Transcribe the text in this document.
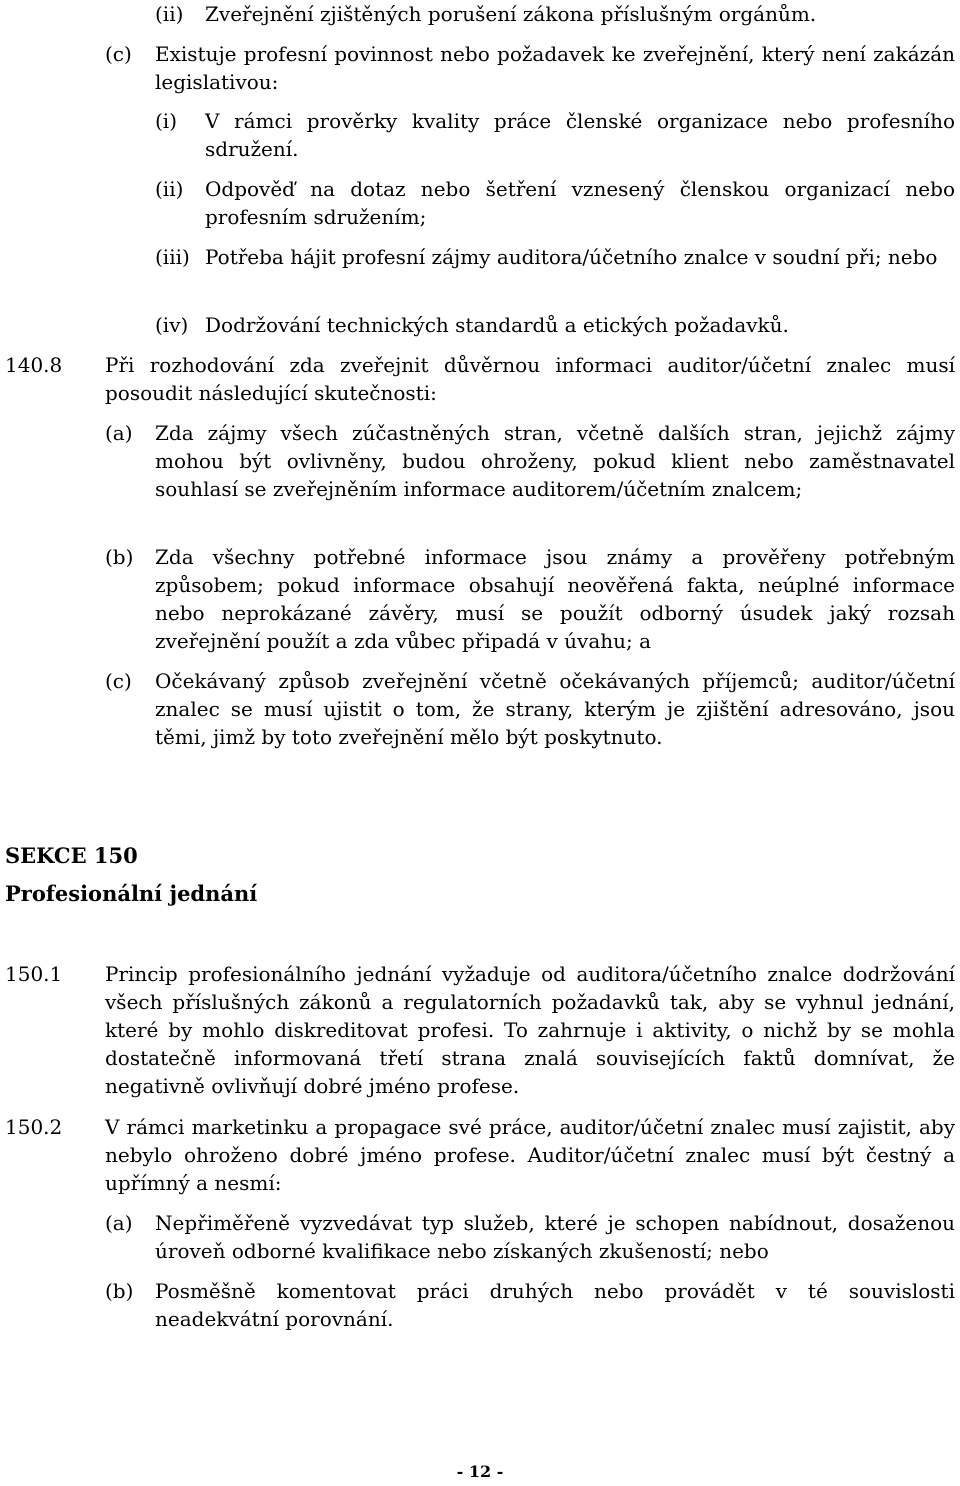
(ii)	Zveřejnění zjištěných porušení zákona příslušným orgánům.
(c)	Existuje profesní povinnost nebo požadavek ke zveřejnění, který není zakázán legislativou:
(i)	V rámci prověrky kvality práce členské organizace nebo profesního sdružení.
(ii)	Odpověď na dotaz nebo šetření vznesený členskou organizací nebo profesním sdružením;
(iii) Potřeba hájit profesní zájmy auditora/účetního znalce v soudní při; nebo
(iv) Dodržování technických standardů a etických požadavků.
140.8	Při rozhodování zda zveřejnit důvěrnou informaci auditor/účetní znalec musí posoudit následující skutečnosti:
(a)	Zda zájmy všech zúčastněných stran, včetně dalších stran, jejichž zájmy mohou být ovlivněny, budou ohroženy, pokud klient nebo zaměstnavatel souhlasí se zveřejněním informace auditorem/účetním znalcem;
(b)	Zda všechny potřebné informace jsou známy a prověřeny potřebným způsobem; pokud informace obsahují neověřená fakta, neúplné informace nebo neprokázané závěry, musí se použít odborný úsudek jaký rozsah zveřejnění použít a zda vůbec připadá v úvahu; a
(c)	Očekávaný způsob zveřejnění včetně očekávaných příjemců; auditor/účetní znalec se musí ujistit o tom, že strany, kterým je zjištění adresováno, jsou těmi, jimž by toto zveřejnění mělo být poskytnuto.
SEKCE 150
Profesionální jednání
150.1	Princip profesionálního jednání vyžaduje od auditora/účetního znalce dodržování všech příslušných zákonů a regulatorních požadavků tak, aby se vyhnul jednání, které by mohlo diskreditovat profesi. To zahrnuje i aktivity, o nichž by se mohla dostatečně informovaná třetí strana znalá souvisejících faktů domnívat, že negativně ovlivňují dobré jméno profese.
150.2	V rámci marketinku a propagace své práce, auditor/účetní znalec musí zajistit, aby nebylo ohroženo dobré jméno profese. Auditor/účetní znalec musí být čestný a upřímný a nesmí:
(a)	Nepřiměřeně vyzvedávat typ služeb, které je schopen nabídnout, dosaženou úroveň odborné kvalifikace nebo získaných zkušeností; nebo
(b)	Posměšně komentovat práci druhých nebo provádět v té souvislosti neadekvátní porovnání.
- 12 -
